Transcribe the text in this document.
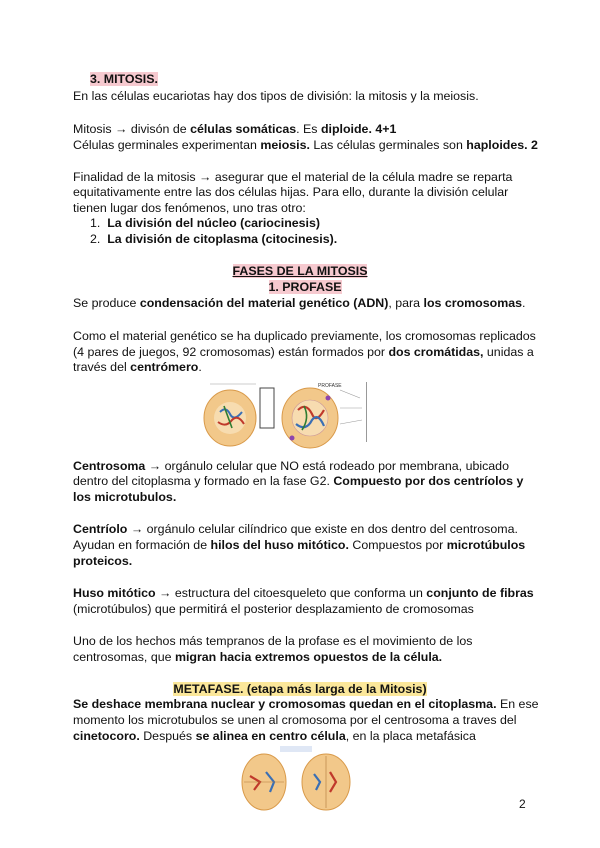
3. MITOSIS.
En las células eucariotas hay dos tipos de división: la mitosis y la meiosis.
Mitosis → divisón de células somáticas. Es diploide. 4+1
Células germinales experimentan meiosis. Las células germinales son haploides. 2
Finalidad de la mitosis → asegurar que el material de la célula madre se reparta
equitativamente entre las dos células hijas. Para ello, durante la división celular
tienen lugar dos fenómenos, uno tras otro:
1. La división del núcleo (cariocinesis)
2. La división de citoplasma (citocinesis).
FASES DE LA MITOSIS
1. PROFASE
Se produce condensación del material genético (ADN), para los cromosomas.
Como el material genético se ha duplicado previamente, los cromosomas replicados
(4 pares de juegos, 92 cromosomas) están formados por dos cromátidas, unidas a
través del centrómero.
PROFASE
Centrosoma → orgánulo celular que NO está rodeado por membrana, ubicado
dentro del citoplasma y formado en la fase G2. Compuesto por dos centríolos y
los microtubulos.
Centríolo → orgánulo celular cilíndrico que existe en dos dentro del centrosoma.
Ayudan en formación de hilos del huso mitótico. Compuestos por microtúbulos
proteicos.
Huso mitótico → estructura del citoesqueleto que conforma un conjunto de fibras
(microtúbulos) que permitirá el posterior desplazamiento de cromosomas
Uno de los hechos más tempranos de la profase es el movimiento de los
centrosomas, que migran hacia extremos opuestos de la célula.
METAFASE. (etapa más larga de la Mitosis)
Se deshace membrana nuclear y cromosomas quedan en el citoplasma. En ese
momento los microtubulos se unen al cromosoma por el centrosoma a traves del
cinetocoro. Después se alinea en centro célula, en la placa metafásica
2
